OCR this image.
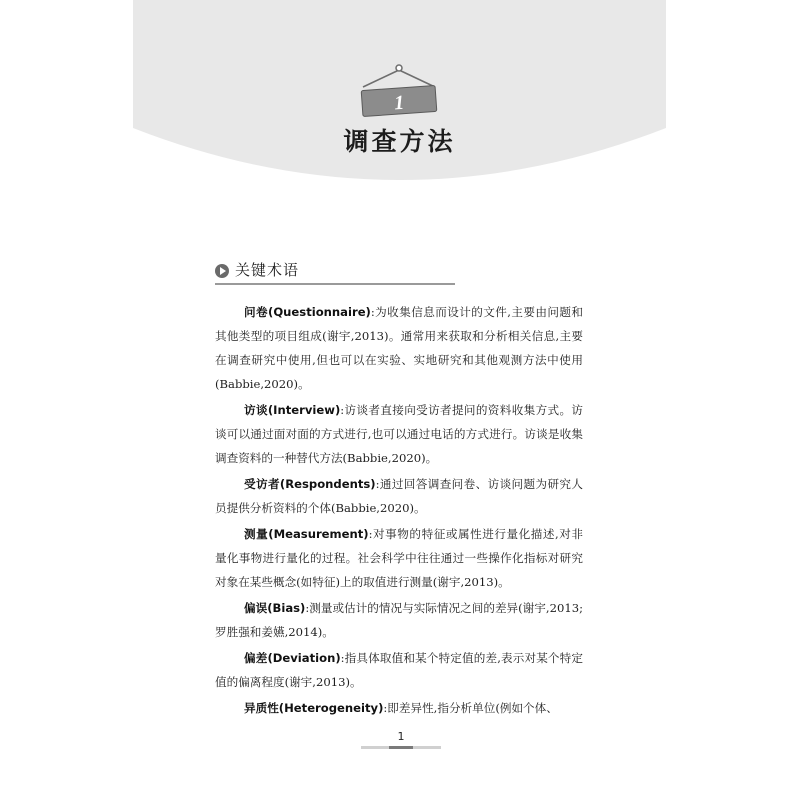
1
调查方法
关键术语

问卷(Questionnaire):为收集信息而设计的文件,主要由问题和其他类型的项目组成(谢宇,2013)。通常用来获取和分析相关信息,主要在调查研究中使用,但也可以在实验、实地研究和其他观测方法中使用(Babbie,2020)。

访谈(Interview):访谈者直接向受访者提问的资料收集方式。访谈可以通过面对面的方式进行,也可以通过电话的方式进行。访谈是收集调查资料的一种替代方法(Babbie,2020)。

受访者(Respondents):通过回答调查问卷、访谈问题为研究人员提供分析资料的个体(Babbie,2020)。

测量(Measurement):对事物的特征或属性进行量化描述,对非量化事物进行量化的过程。社会科学中往往通过一些操作化指标对研究对象在某些概念(如特征)上的取值进行测量(谢宇,2013)。

偏误(Bias):测量或估计的情况与实际情况之间的差异(谢宇,2013;罗胜强和姜嬿,2014)。

偏差(Deviation):指具体取值和某个特定值的差,表示对某个特定值的偏离程度(谢宇,2013)。

异质性(Heterogeneity):即差异性,指分析单位(例如个体、

1
